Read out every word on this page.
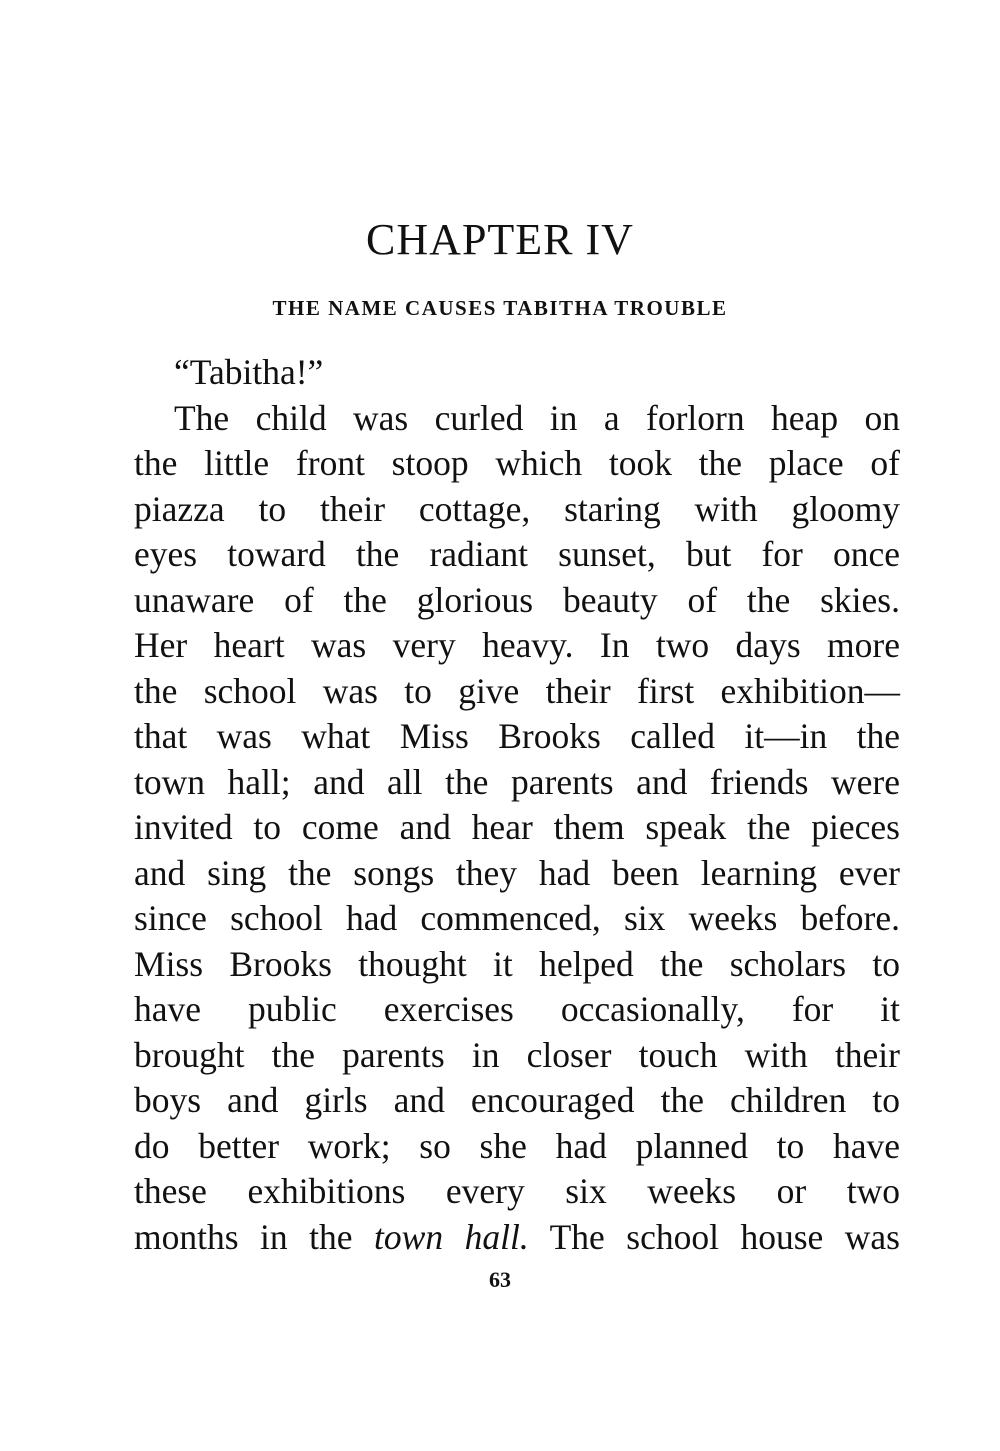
CHAPTER IV
THE NAME CAUSES TABITHA TROUBLE
“Tabitha!”
The child was curled in a forlorn heap on
the little front stoop which took the place of
piazza to their cottage, staring with gloomy
eyes toward the radiant sunset, but for once
unaware of the glorious beauty of the skies.
Her heart was very heavy. In two days more
the school was to give their first exhibition—
that was what Miss Brooks called it—in the
town hall; and all the parents and friends were
invited to come and hear them speak the pieces
and sing the songs they had been learning ever
since school had commenced, six weeks before.
Miss Brooks thought it helped the scholars to
have public exercises occasionally, for it
brought the parents in closer touch with their
boys and girls and encouraged the children to
do better work; so she had planned to have
these exhibitions every six weeks or two
months in the town hall. The school house was
63
